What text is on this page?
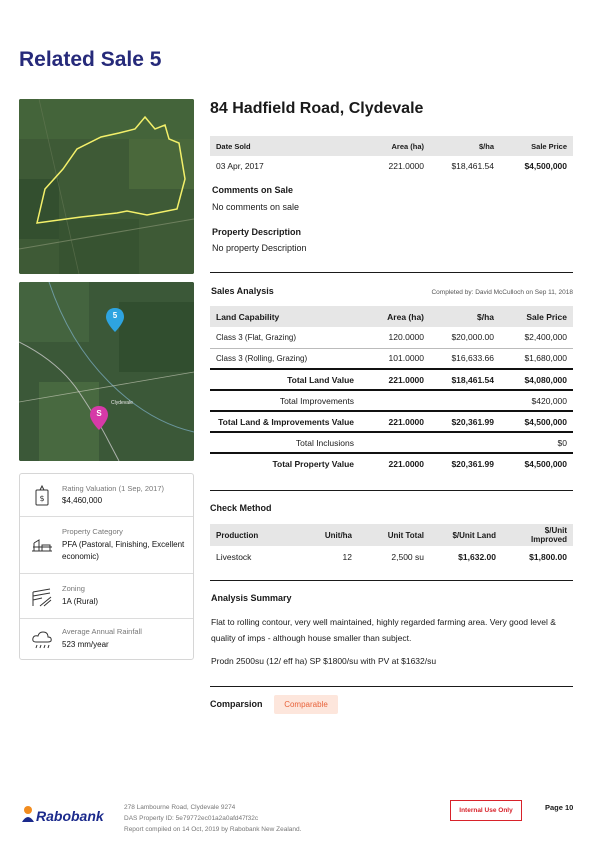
Related Sale 5
5
S
Clydevale
$
Rating Valuation (1 Sep, 2017)
$4,460,000
Property Category
PFA (Pastoral, Finishing, Excellent economic)
Zoning
1A (Rural)
Average Annual Rainfall
523 mm/year
84 Hadfield Road, Clydevale
Date Sold	Area (ha)	$/ha	Sale Price
03 Apr, 2017	221.0000	$18,461.54	$4,500,000
Comments on Sale
No comments on sale
Property Description
No property Description
Sales Analysis	Completed by: David McCulloch on Sep 11, 2018
Land Capability	Area (ha)	$/ha	Sale Price
Class 3 (Flat, Grazing)	120.0000	$20,000.00	$2,400,000
Class 3 (Rolling, Grazing)	101.0000	$16,633.66	$1,680,000
Total Land Value	221.0000	$18,461.54	$4,080,000
Total Improvements			$420,000
Total Land & Improvements Value	221.0000	$20,361.99	$4,500,000
Total Inclusions			$0
Total Property Value	221.0000	$20,361.99	$4,500,000
Check Method
Production	Unit/ha	Unit Total	$/Unit Land	$/Unit Improved
Livestock	12	2,500 su	$1,632.00	$1,800.00
Analysis Summary
Flat to rolling contour, very well maintained, highly regarded farming area. Very good level & quality of imps - although house smaller than subject.
Prodn 2500su (12/ eff ha) SP $1800/su with PV at $1632/su
Comparsion	Comparable
Rabobank
278 Lambourne Road, Clydevale 9274
DAS Property ID: 5e79772ec01a2a0afd47f32c
Report compiled on 14 Oct, 2019 by Rabobank New Zealand.
Internal Use Only	Page 10
